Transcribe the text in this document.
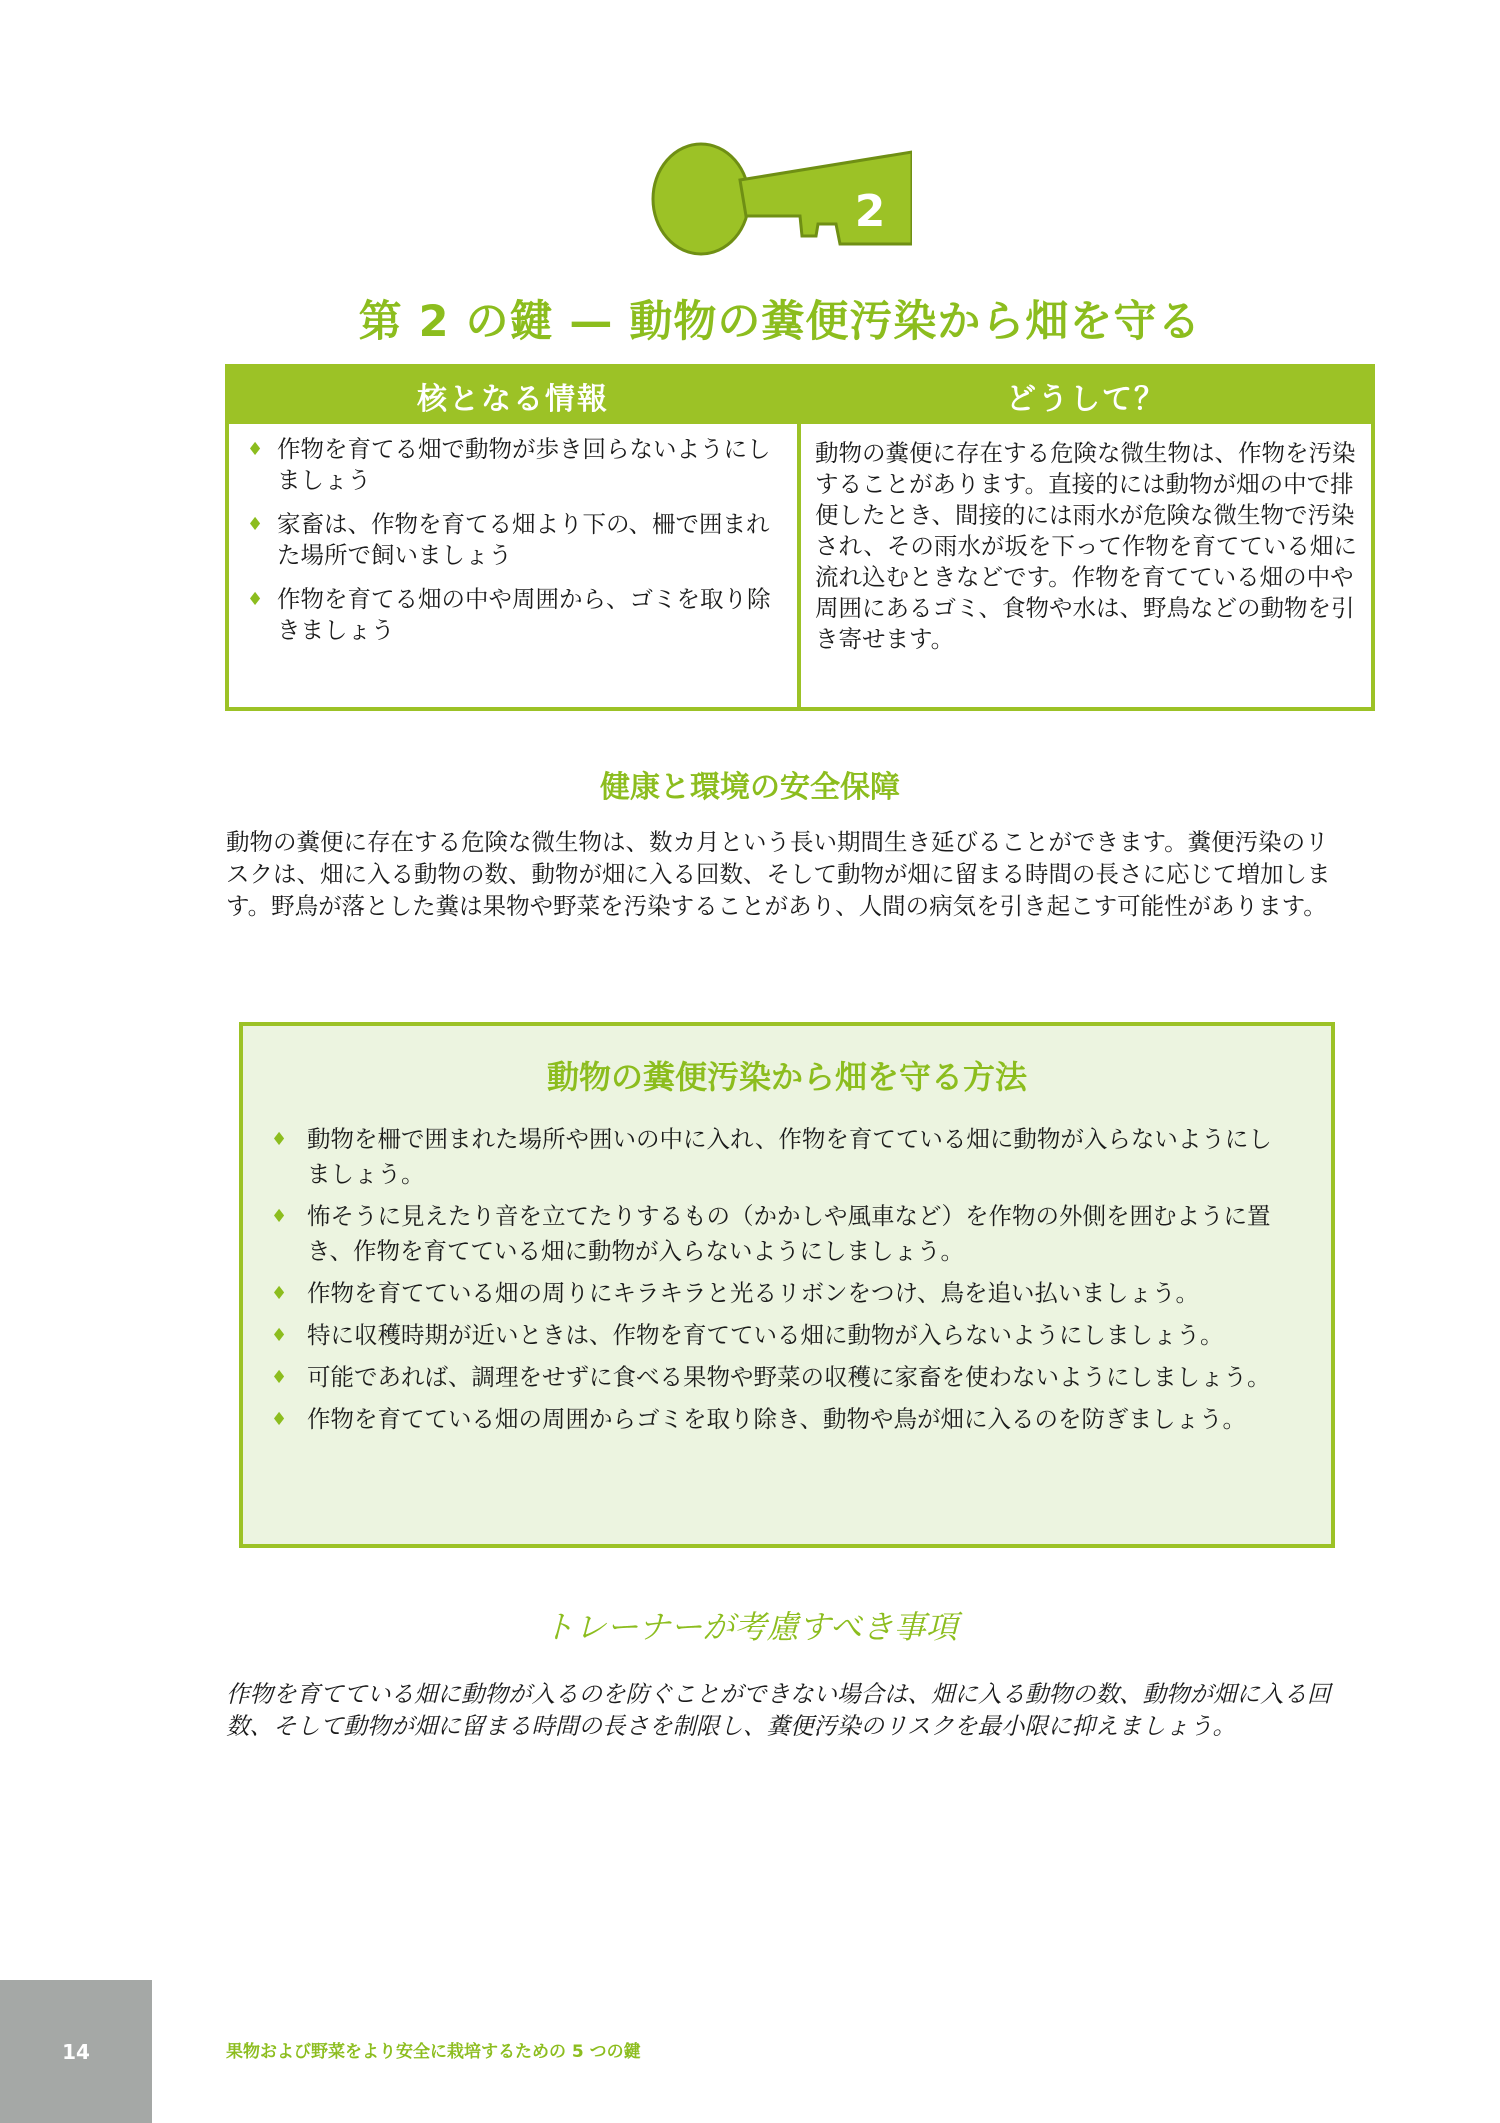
2
第 2 の鍵 — 動物の糞便汚染から畑を守る
核となる情報
♦ 作物を育てる畑で動物が歩き回らないようにしましょう
♦ 家畜は、作物を育てる畑より下の、柵で囲まれた場所で飼いましょう
♦ 作物を育てる畑の中や周囲から、ゴミを取り除きましょう
どうして？

動物の糞便に存在する危険な微生物は、作物を汚染することがあります。直接的には動物が畑の中で排便したとき、間接的には雨水が危険な微生物で汚染され、その雨水が坂を下って作物を育てている畑に流れ込むときなどです。作物を育てている畑の中や周囲にあるゴミ、食物や水は、野鳥などの動物を引き寄せます。

健康と環境の安全保障

動物の糞便に存在する危険な微生物は、数カ月という長い期間生き延びることができます。糞便汚染のリスクは、畑に入る動物の数、動物が畑に入る回数、そして動物が畑に留まる時間の長さに応じて増加します。野鳥が落とした糞は果物や野菜を汚染することがあり、人間の病気を引き起こす可能性があります。

動物の糞便汚染から畑を守る方法
♦ 動物を柵で囲まれた場所や囲いの中に入れ、作物を育てている畑に動物が入らないようにしましょう。
♦ 怖そうに見えたり音を立てたりするもの（かかしや風車など）を作物の外側を囲むように置き、作物を育てている畑に動物が入らないようにしましょう。
♦ 作物を育てている畑の周りにキラキラと光るリボンをつけ、鳥を追い払いましょう。
♦ 特に収穫時期が近いときは、作物を育てている畑に動物が入らないようにしましょう。
♦ 可能であれば、調理をせずに食べる果物や野菜の収穫に家畜を使わないようにしましょう。
♦ 作物を育てている畑の周囲からゴミを取り除き、動物や鳥が畑に入るのを防ぎましょう。
トレーナーが考慮すべき事項

作物を育てている畑に動物が入るのを防ぐことができない場合は、畑に入る動物の数、動物が畑に入る回数、そして動物が畑に留まる時間の長さを制限し、糞便汚染のリスクを最小限に抑えましょう。

14	果物および野菜をより安全に栽培するための 5 つの鍵
